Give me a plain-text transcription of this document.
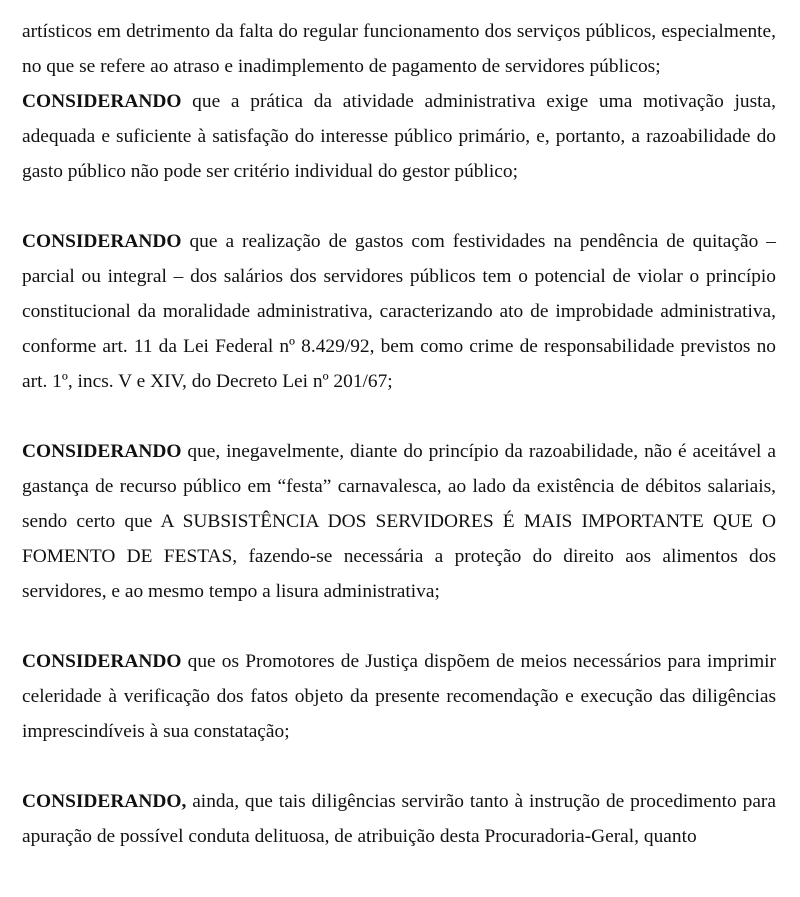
artísticos em detrimento da falta do regular funcionamento dos serviços públicos, especialmente, no que se refere ao atraso e inadimplemento de pagamento de servidores públicos;

CONSIDERANDO que a prática da atividade administrativa exige uma motivação justa, adequada e suficiente à satisfação do interesse público primário, e, portanto, a razoabilidade do gasto público não pode ser critério individual do gestor público;

CONSIDERANDO que a realização de gastos com festividades na pendência de quitação – parcial ou integral – dos salários dos servidores públicos tem o potencial de violar o princípio constitucional da moralidade administrativa, caracterizando ato de improbidade administrativa, conforme art. 11 da Lei Federal nº 8.429/92, bem como crime de responsabilidade previstos no art. 1º, incs. V e XIV, do Decreto Lei nº 201/67;

CONSIDERANDO que, inegavelmente, diante do princípio da razoabilidade, não é aceitável a gastança de recurso público em “festa” carnavalesca, ao lado da existência de débitos salariais, sendo certo que A SUBSISTÊNCIA DOS SERVIDORES É MAIS IMPORTANTE QUE O FOMENTO DE FESTAS, fazendo-se necessária a proteção do direito aos alimentos dos servidores, e ao mesmo tempo a lisura administrativa;

CONSIDERANDO que os Promotores de Justiça dispõem de meios necessários para imprimir celeridade à verificação dos fatos objeto da presente recomendação e execução das diligências imprescindíveis à sua constatação;

CONSIDERANDO, ainda, que tais diligências servirão tanto à instrução de procedimento para apuração de possível conduta delituosa, de atribuição desta Procuradoria-Geral, quanto
